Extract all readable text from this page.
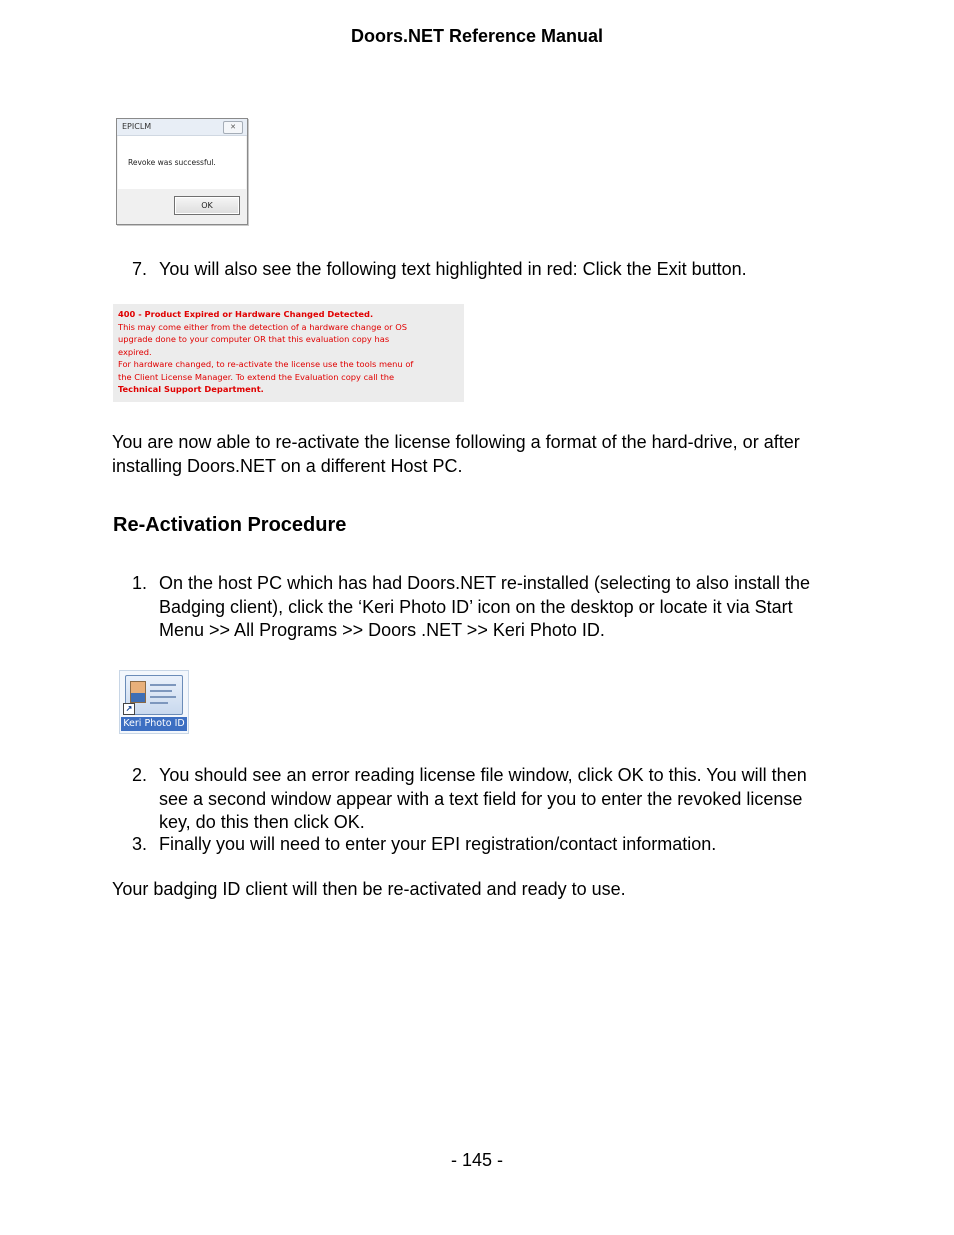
Doors.NET Reference Manual
EPICLM	✕
Revoke was successful.
OK
7. You will also see the following text highlighted in red: Click the Exit button.
400 - Product Expired or Hardware Changed Detected.
This may come either from the detection of a hardware change or OS
upgrade done to your computer OR that this evaluation copy has
expired.
For hardware changed, to re-activate the license use the tools menu of
the Client License Manager. To extend the Evaluation copy call the
Technical Support Department.
You are now able to re-activate the license following a format of the hard-drive, or after
installing Doors.NET on a different Host PC.
Re-Activation Procedure
1. On the host PC which has had Doors.NET re-installed (selecting to also install the
Badging client), click the ‘Keri Photo ID’ icon on the desktop or locate it via Start
Menu >> All Programs >> Doors .NET >> Keri Photo ID.
↗
Keri Photo ID
2. You should see an error reading license file window, click OK to this. You will then
see a second window appear with a text field for you to enter the revoked license
key, do this then click OK.
3. Finally you will need to enter your EPI registration/contact information.
Your badging ID client will then be re-activated and ready to use.
- 145 -
